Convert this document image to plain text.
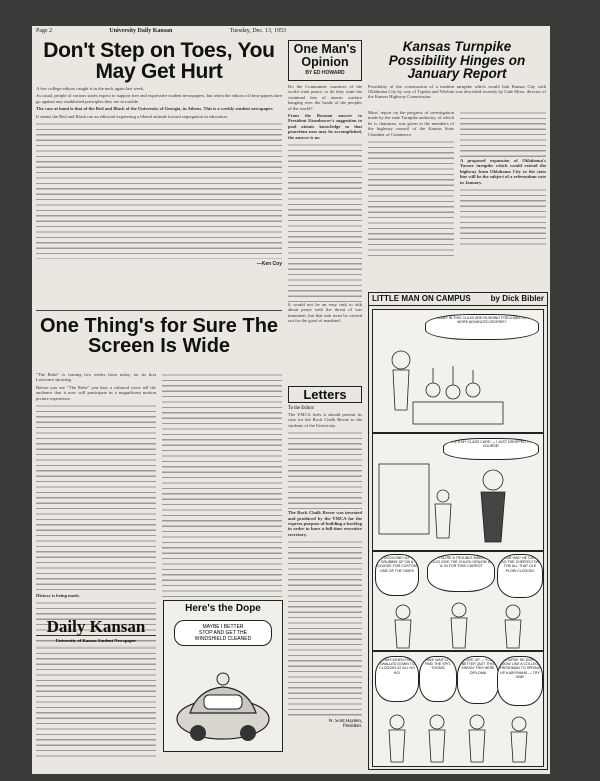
Page 2	University Daily Kansan	Tuesday, Dec. 13, 1953
Don't Step on Toes, You May Get Hurt

A few college editors caught it in the neck again last week.

As usual, people of various states expect to support free and expressive student newspapers, but when the editors of these papers dare go against any established principles they are in trouble.

The case at hand is that of the Red and Black of the University of Georgia, in Athens. This is a weekly student newspaper.

It seems the Red and Black ran an editorial expressing a liberal attitude toward segregation in education.

—Ken Coy
One Thing's for Sure The Screen Is Wide

"The Robe" is coming two weeks from today, for its first Lawrence showing.

Before you see "The Robe" you hear a cultured voice tell the audience that it now will participate in a magnificent motion picture experience.

History is being made.

Daily Kansan
University of Kansas Student Newspaper
Here's the Dope
MAYBE I BETTER
STOP AND GET THE
WINDSHIELD CLEANED
One Man's Opinion
BY ED HOWARD

Do the Communist countries of the world want peace, or do they want the continual fear of atomic warfare hanging over the heads of the peoples of the world?

From the Russian answer to President Eisenhower's suggestion to pool atomic knowledge so that peacetime uses may be accomplished, the answer is no.

It would not be an easy task to talk about peace with the threat of war imminent, but that task must be carried out for the good of mankind.

Kansas Turnpike Possibility Hinges on January Report

Possibility of the construction of a modern turnpike which would link Kansas City with Oklahoma City by way of Topeka and Wichita was described recently by Gale Moss, director of the Kansas Highway Commission.

Moss' report on the progress of investigation made by the state Turnpike authority, of which he is chairman, was given to the members of the highway council of the Kansas State Chamber of Commerce.

A proposed expansion of Oklahoma's Turner turnpike which would extend the highway from Oklahoma City to the state line will be the subject of a referendum vote in January.

Letters
To the Editor:

The YMCA feels it should present its case for the Rock Chalk Revue to the students of the University.

The Rock Chalk Revue was invented and produced by the YMCA for the express purpose of building a backlog in order to have a full-time executive secretary.

W. Scott Hayden,
President.
LITTLE MAN ON CAMPUS by Dick Bibler
HOW MANY IN THIS CLASS ARE RUSHING FOR A MASTERS OR MORE ADVANCED DEGREE?
HERE'S MY CLASS CARD — I JUST DROPPED THIS COURSE!
DOGGONE! UZ' GRUBBIN' UP ON A DOGGIE FOR CUSTOM ONE OF THE OKIES
OH, YOU'RE A TROUBLE-MAKER — YOU'D GIVE THE CHUCK DRAGIN' AN 'A' IN FOR THIS! CARROT
HEAR HIM? HE CAN'T GO THE CHEERS FOR THE ALL THAT OLE PLOW CLOGGIN'
HAH! WHEN I'SE SWALLED DOWN TO CLOGGIN' AT ALL HO HO!
HAH! WAIT'LL I FIND THE SPIT-TOONS!
I GIVE UP — YOU BETTER QUIT THIS SINGIN' THIS HERE DIPLOMA
COURSE HE DON'T KNOW LIKE A COLLEGE FRESHMAN TO SPRING UP A AIRYNAHD — TRY ONE!
